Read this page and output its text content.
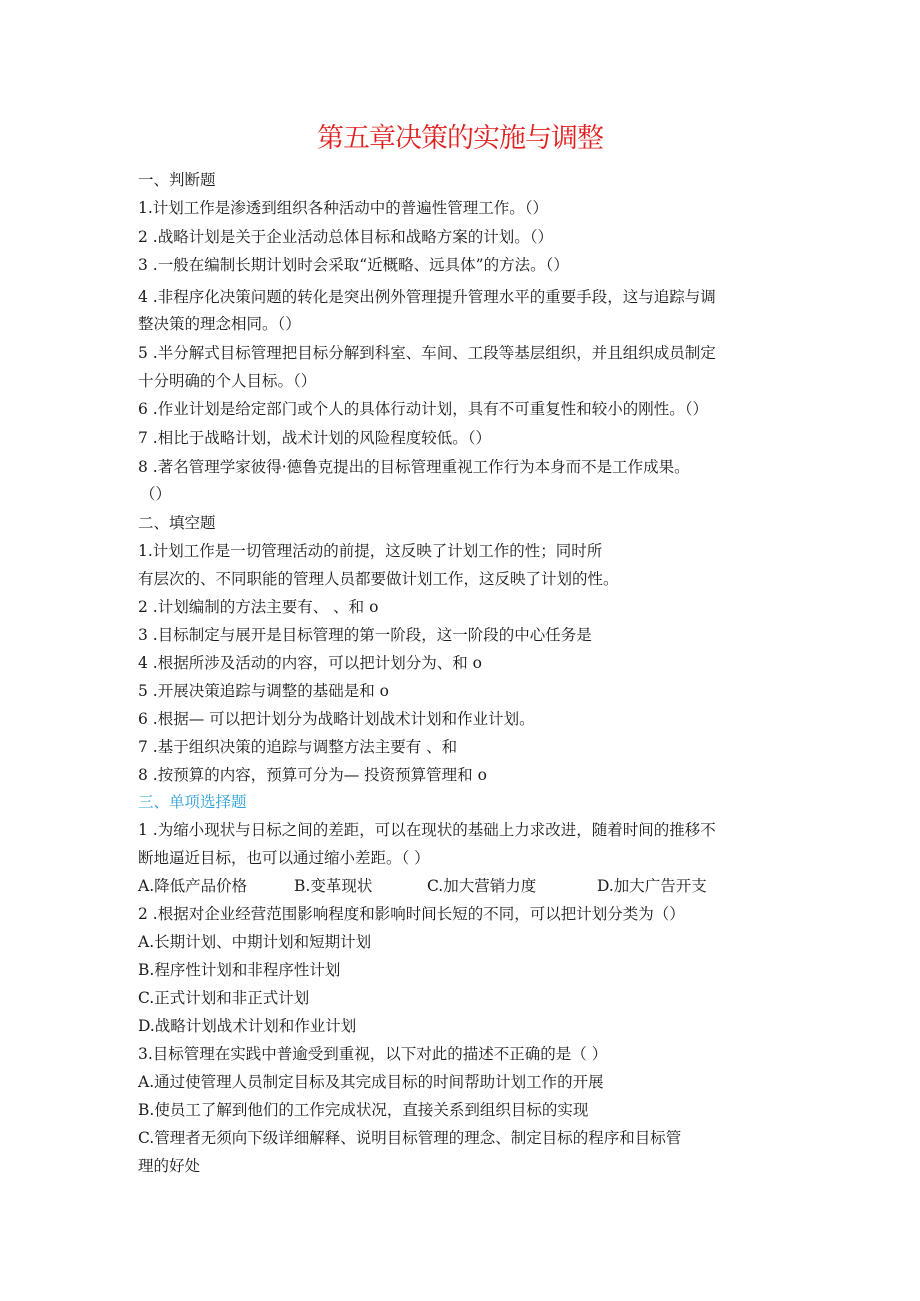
第五章决策的实施与调整
一、判断题
1.计划工作是渗透到组织各种活动中的普遍性管理工作。（）
2 .战略计划是关于企业活动总体目标和战略方案的计划。（）
3 .一般在编制长期计划时会采取“近概略、远具体”的方法。（）
4 .非程序化决策问题的转化是突出例外管理提升管理水平的重要手段，这与追踪与调
整决策的理念相同。（）
5 .半分解式目标管理把目标分解到科室、车间、工段等基层组织，并且组织成员制定
十分明确的个人目标。（）
6 .作业计划是给定部门或个人的具体行动计划，具有不可重复性和较小的刚性。（）
7 .相比于战略计划，战术计划的风险程度较低。（）
8 .著名管理学家彼得·德鲁克提出的目标管理重视工作行为本身而不是工作成果。
（）
二、填空题
1.计划工作是一切管理活动的前提，这反映了计划工作的性；同时所
有层次的、不同职能的管理人员都要做计划工作，这反映了计划的性。
2 .计划编制的方法主要有、 、和 o
3 .目标制定与展开是目标管理的第一阶段，这一阶段的中心任务是
4 .根据所涉及活动的内容，可以把计划分为、和 o
5 .开展决策追踪与调整的基础是和 o
6 .根据— 可以把计划分为战略计划战术计划和作业计划。
7 .基于组织决策的追踪与调整方法主要有 、和
8 .按预算的内容，预算可分为— 投资预算管理和 o
三、单项选择题
1 .为缩小现状与日标之间的差距，可以在现状的基础上力求改进，随着时间的推移不
断地逼近目标，也可以通过缩小差距。（ ）
A.降低产品价格	B.变革现状	C.加大营销力度	D.加大广告开支
2 .根据对企业经营范围影响程度和影响时间长短的不同，可以把计划分类为（）
A.长期计划、中期计划和短期计划
B.程序性计划和非程序性计划
C.正式计划和非正式计划
D.战略计划战术计划和作业计划
3.目标管理在实践中普逾受到重视，以下对此的描述不正确的是（ ）
A.通过使管理人员制定目标及其完成目标的时间帮助计划工作的开展
B.使员工了解到他们的工作完成状况，直接关系到组织目标的实现
C.管理者无须向下级详细解释、说明目标管理的理念、制定目标的程序和目标管
理的好处
